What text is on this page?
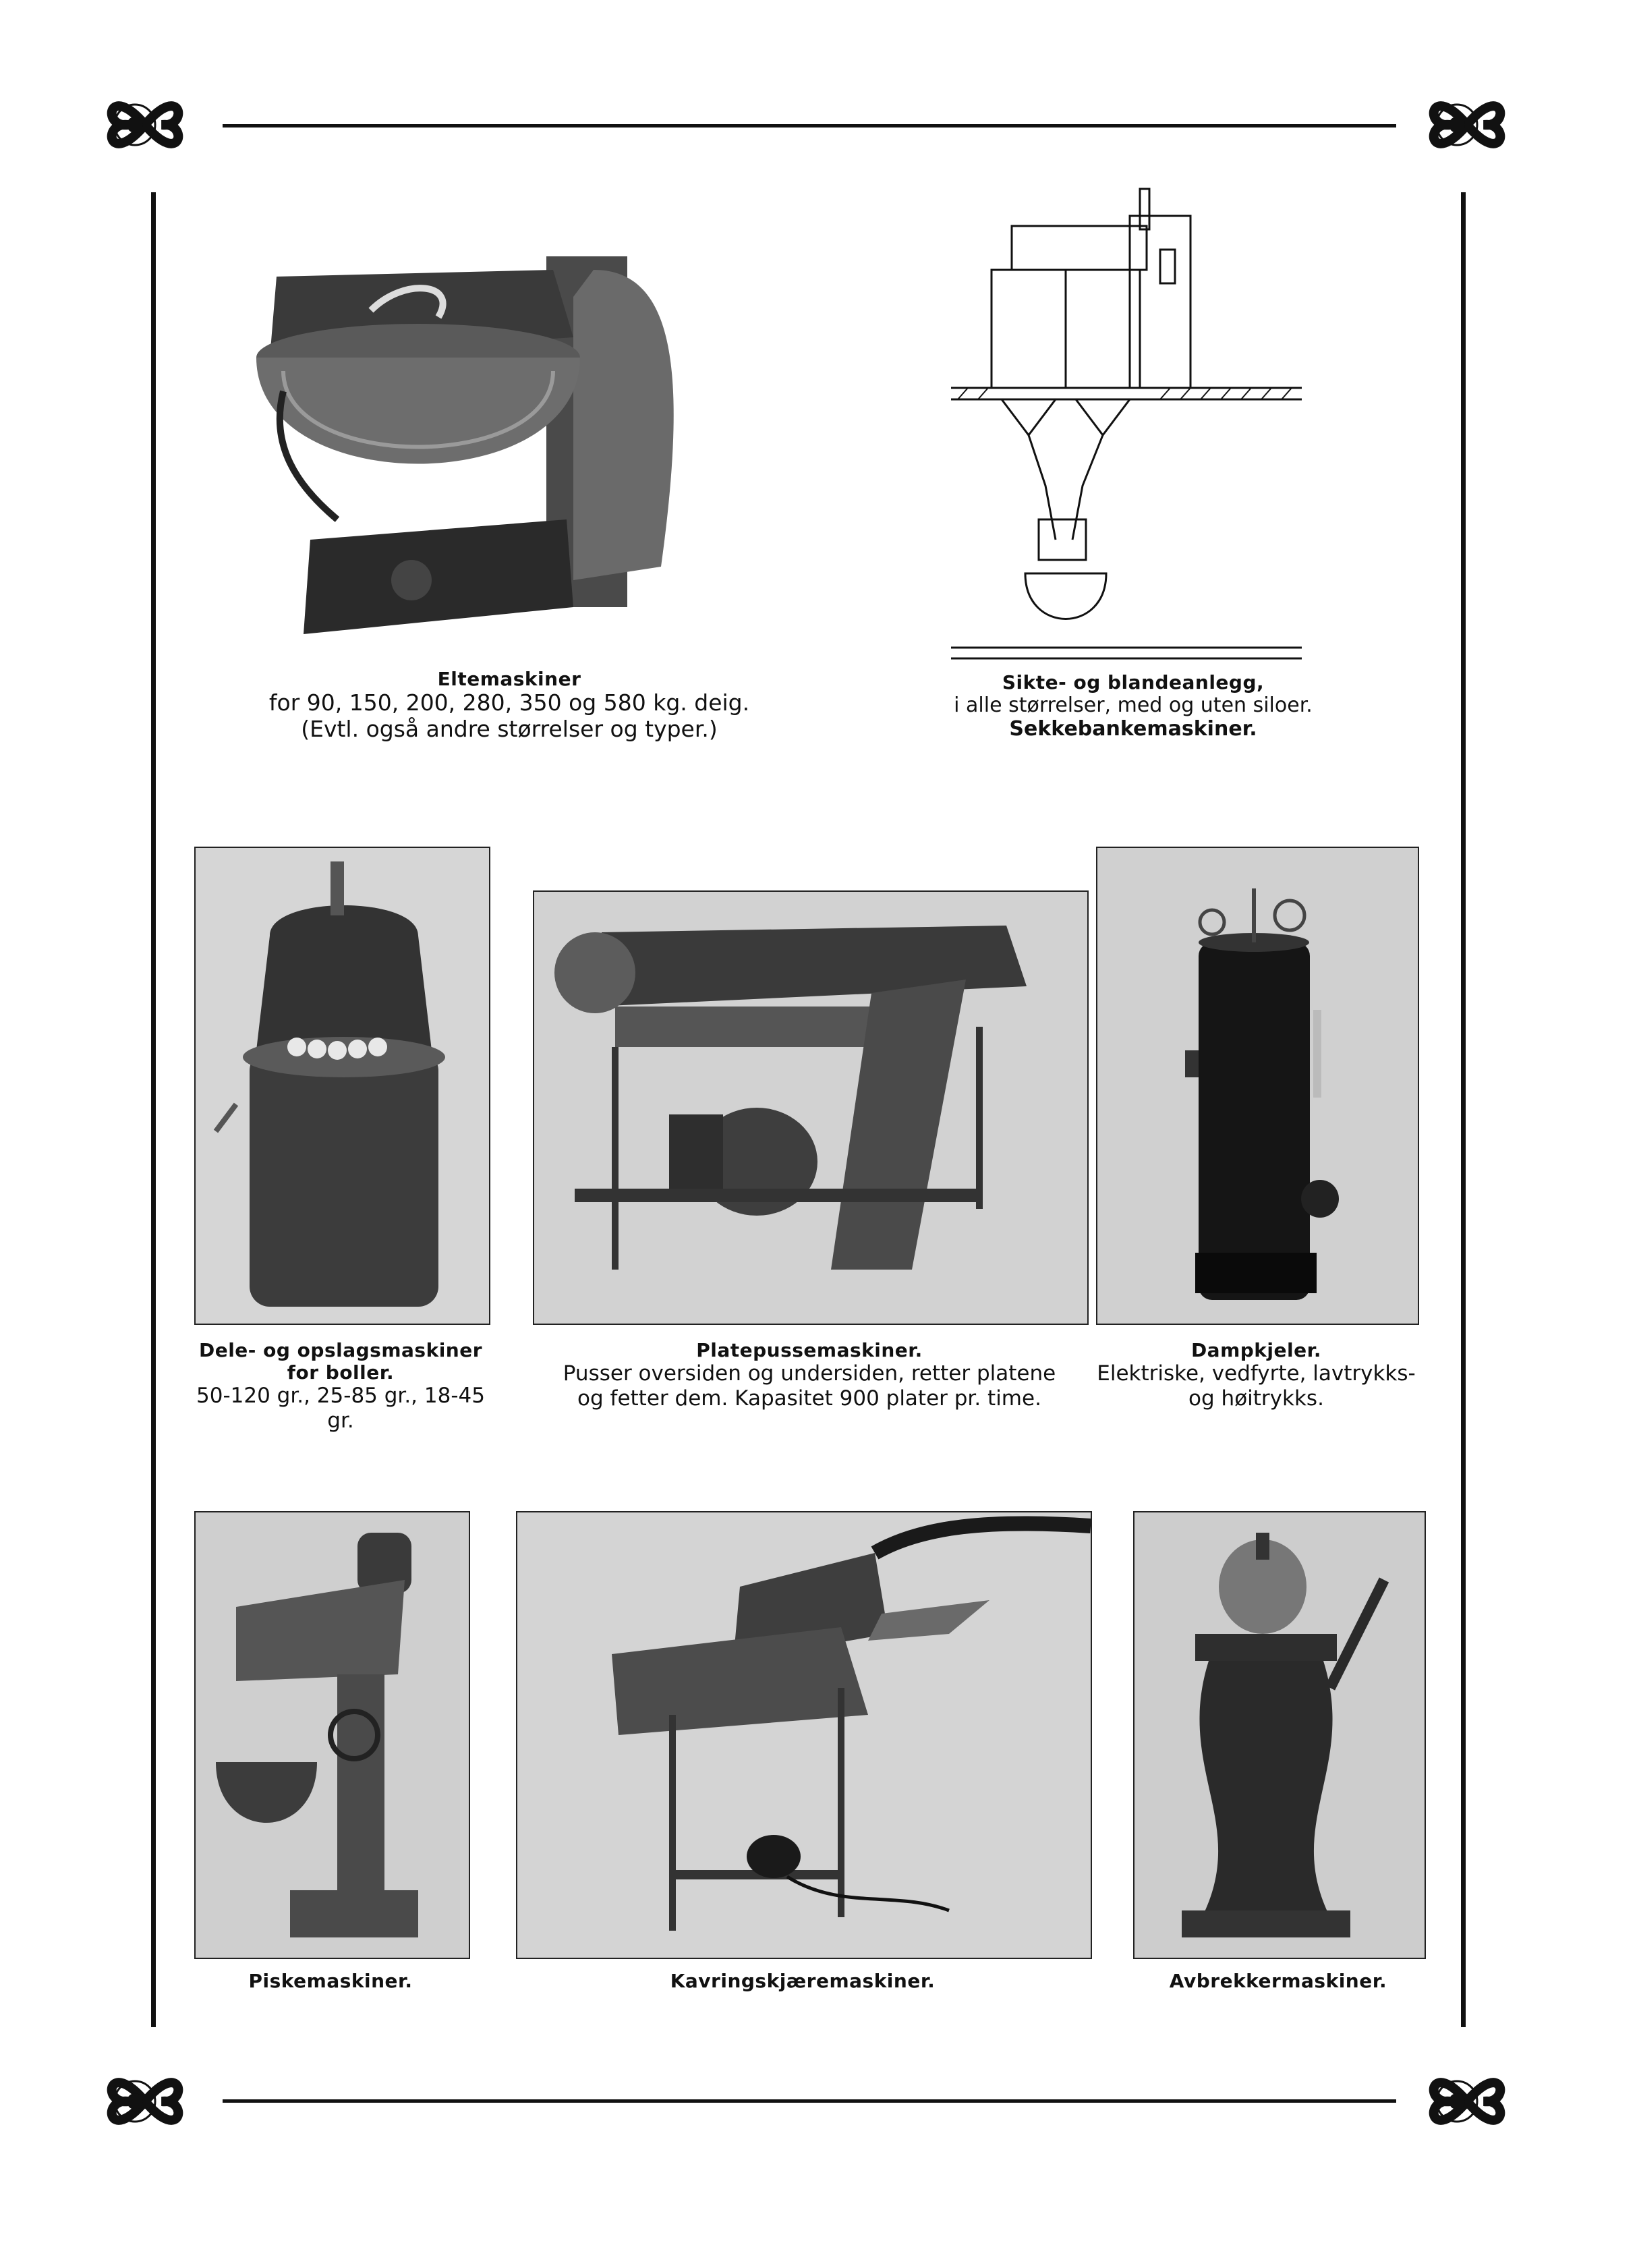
Eltemaskiner
for 90, 150, 200, 280, 350 og 580 kg. deig.
(Evtl. også andre størrelser og typer.)
Sikte- og blandeanlegg,
i alle størrelser, med og uten siloer.
Sekkebankemaskiner.
Dele- og opslagsmaskiner
for boller.
50-120 gr., 25-85 gr., 18-45 gr.
Platepussemaskiner.
Pusser oversiden og undersiden, retter platene
og fetter dem. Kapasitet 900 plater pr. time.
Dampkjeler.
Elektriske, vedfyrte, lavtrykks-
og høitrykks.
Piskemaskiner.	Kavringskjæremaskiner.	Avbrekkermaskiner.
